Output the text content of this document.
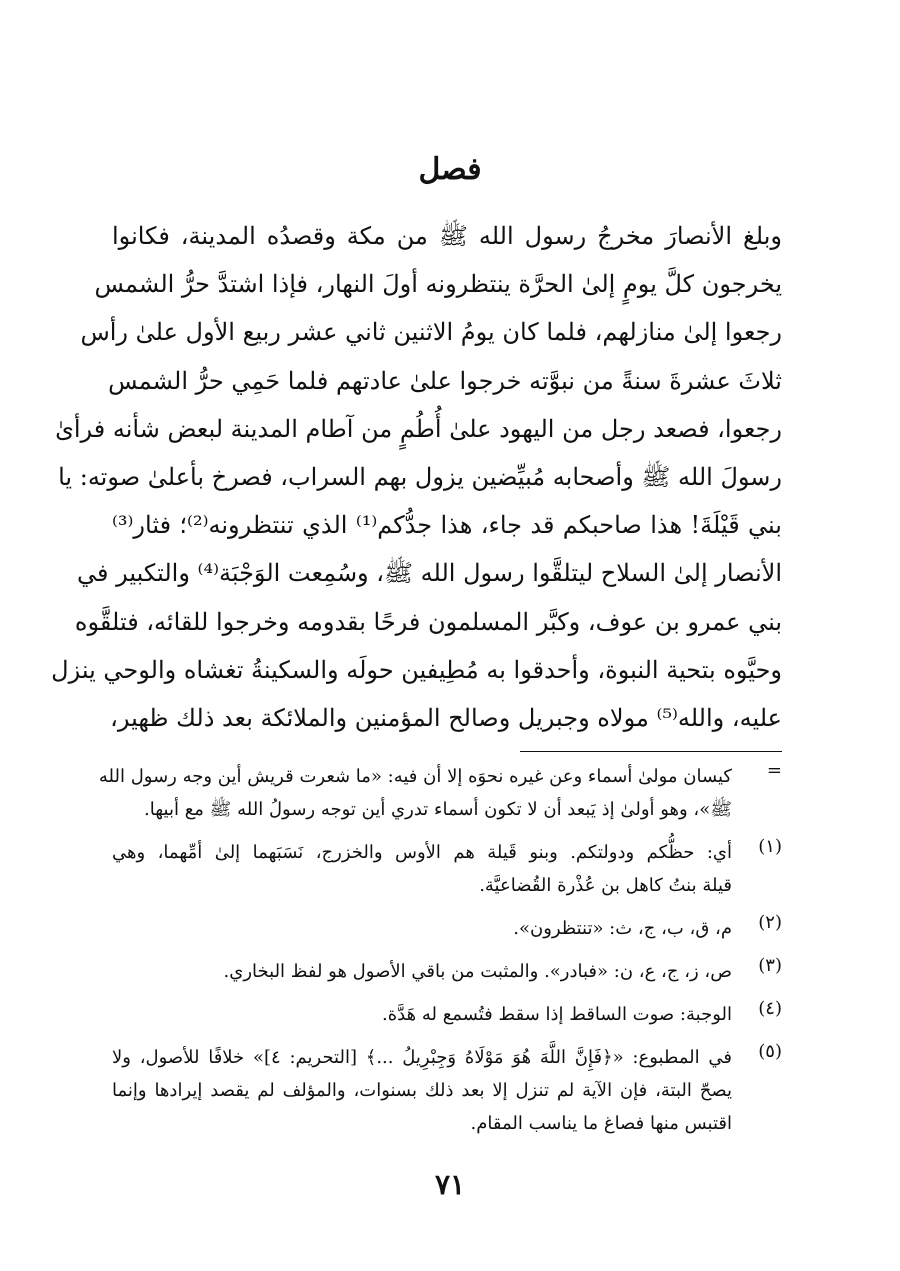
فصل
وبلغ الأنصارَ مخرجُ رسول الله ﷺ من مكة وقصدُه المدينة، فكانوا
يخرجون كلَّ يومٍ إلىٰ الحرَّة ينتظرونه أولَ النهار، فإذا اشتدَّ حرُّ الشمس
رجعوا إلىٰ منازلهم، فلما كان يومُ الاثنين ثاني عشر ربيع الأول علىٰ رأس
ثلاثَ عشرةَ سنةً من نبوَّته خرجوا علىٰ عادتهم فلما حَمِي حرُّ الشمس
رجعوا، فصعد رجل من اليهود علىٰ أُطُمٍ من آطام المدينة لبعض شأنه فرأىٰ
رسولَ الله ﷺ وأصحابه مُبيِّضين يزول بهم السراب، فصرخ بأعلىٰ صوته: يا
بني قَيْلَةَ! هذا صاحبكم قد جاء، هذا جدُّكم⁽¹⁾ الذي تنتظرونه⁽²⁾؛ فثار⁽³⁾
الأنصار إلىٰ السلاح ليتلقَّوا رسول الله ﷺ، وسُمِعت الوَجْبَة⁽⁴⁾ والتكبير في
بني عمرو بن عوف، وكبَّر المسلمون فرحًا بقدومه وخرجوا للقائه، فتلقَّوه
وحيَّوه بتحية النبوة، وأحدقوا به مُطِيفين حولَه والسكينةُ تغشاه والوحي ينزل
عليه، والله⁽⁵⁾ مولاه وجبريل وصالح المؤمنين والملائكة بعد ذلك ظهير،
=
كيسان مولىٰ أسماء وعن غيره نحوَه إلا أن فيه: «ما شعرت قريش أين وجه رسول الله
ﷺ»، وهو أولىٰ إذ يَبعد أن لا تكون أسماء تدري أين توجه رسولُ الله ﷺ مع أبيها.
(١)
أي: حظُّكم ودولتكم. وبنو قَيلة هم الأوس والخزرج، نَسَبَهما إلىٰ أمِّهما، وهي
قيلة بنتُ كاهل بن عُذْرة القُضاعيَّة.
(٢)
م، ق، ب، ج، ث: «تنتظرون».
(٣)
ص، ز، ج، ع، ن: «فبادر». والمثبت من باقي الأصول هو لفظ البخاري.
(٤)
الوجبة: صوت الساقط إذا سقط فتُسمع له هَدَّة.
(٥)
في المطبوع: «﴿فَإِنَّ اللَّهَ هُوَ مَوْلَاهُ وَجِبْرِيلُ ...﴾ [التحريم: ٤]» خلافًا للأصول، ولا
يصحّ البتة، فإن الآية لم تنزل إلا بعد ذلك بسنوات، والمؤلف لم يقصد إيرادها وإنما
اقتبس منها فصاغ ما يناسب المقام.
٧١
